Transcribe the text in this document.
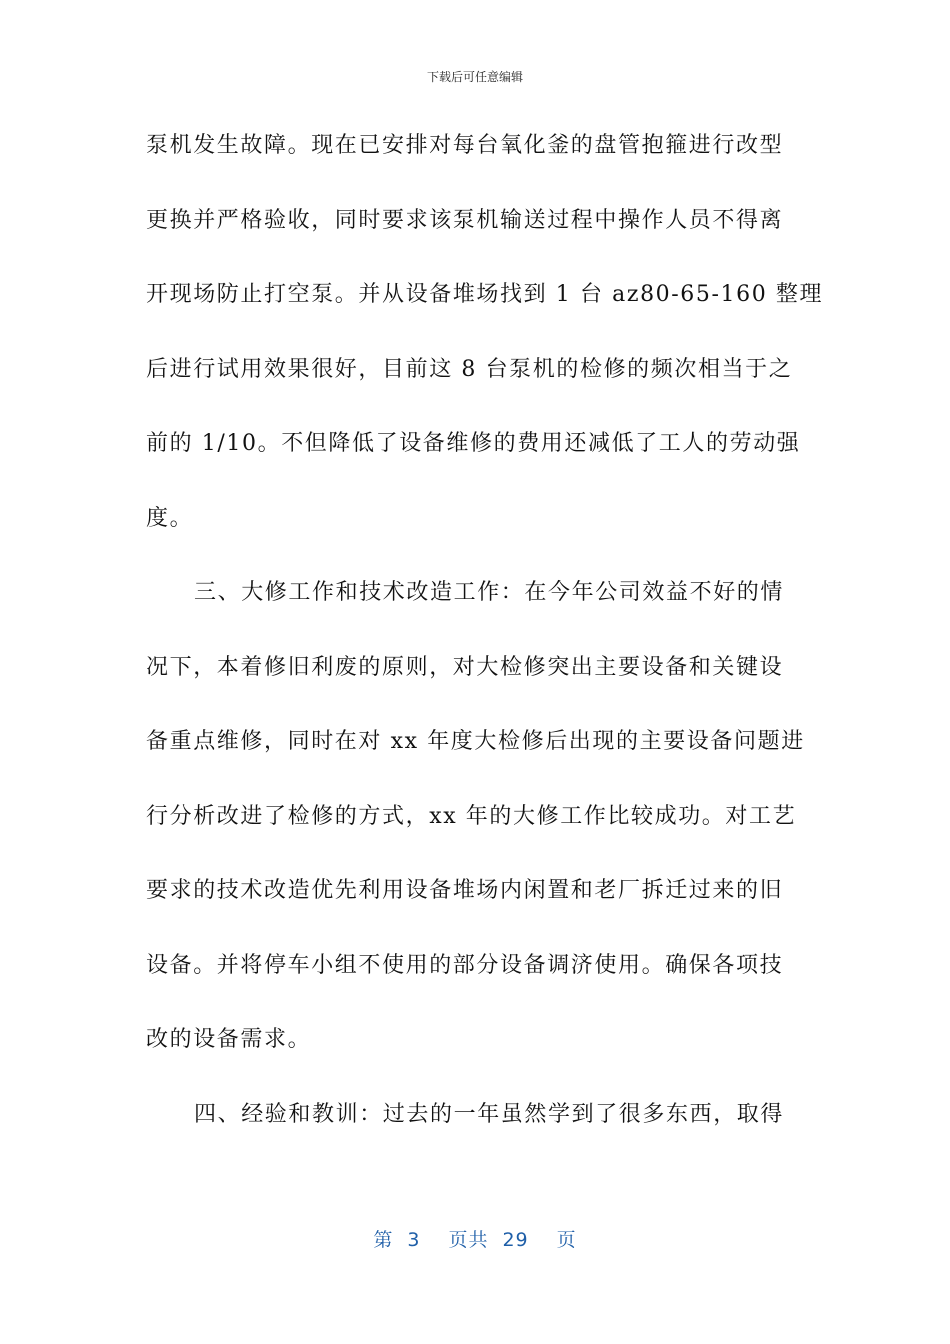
下载后可任意编辑
泵机发生故障。现在已安排对每台氧化釜的盘管抱箍进行改型
更换并严格验收，同时要求该泵机输送过程中操作人员不得离
开现场防止打空泵。并从设备堆场找到 1 台 az80-65-160 整理
后进行试用效果很好，目前这 8 台泵机的检修的频次相当于之
前的 1/10。不但降低了设备维修的费用还减低了工人的劳动强
度。
三、大修工作和技术改造工作：在今年公司效益不好的情
况下，本着修旧利废的原则，对大检修突出主要设备和关键设
备重点维修，同时在对 xx 年度大检修后出现的主要设备问题进
行分析改进了检修的方式，xx 年的大修工作比较成功。对工艺
要求的技术改造优先利用设备堆场内闲置和老厂拆迁过来的旧
设备。并将停车小组不使用的部分设备调济使用。确保各项技
改的设备需求。
四、经验和教训：过去的一年虽然学到了很多东西，取得
第 3 页共 29 页
